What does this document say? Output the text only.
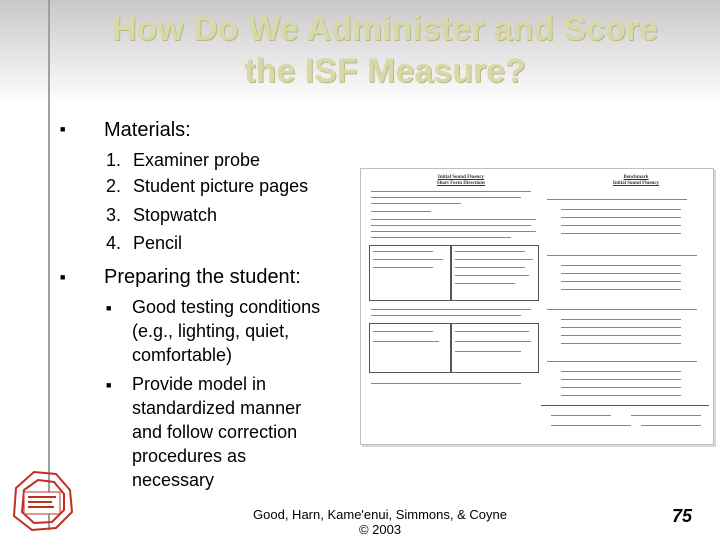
How Do We Administer and Score
the ISF Measure?
■ Materials:
1. Examiner probe
2. Student picture pages
3. Stopwatch
4. Pencil
■ Preparing the student:
■ Good testing conditions
(e.g., lighting, quiet,
comfortable)
■ Provide model in
standardized manner
and follow correction
procedures as
necessary
Initial Sound Fluency
Short Form Directions
Benchmark
Initial Sound Fluency
Good, Harn, Kame'enui, Simmons, & Coyne
© 2003
75
